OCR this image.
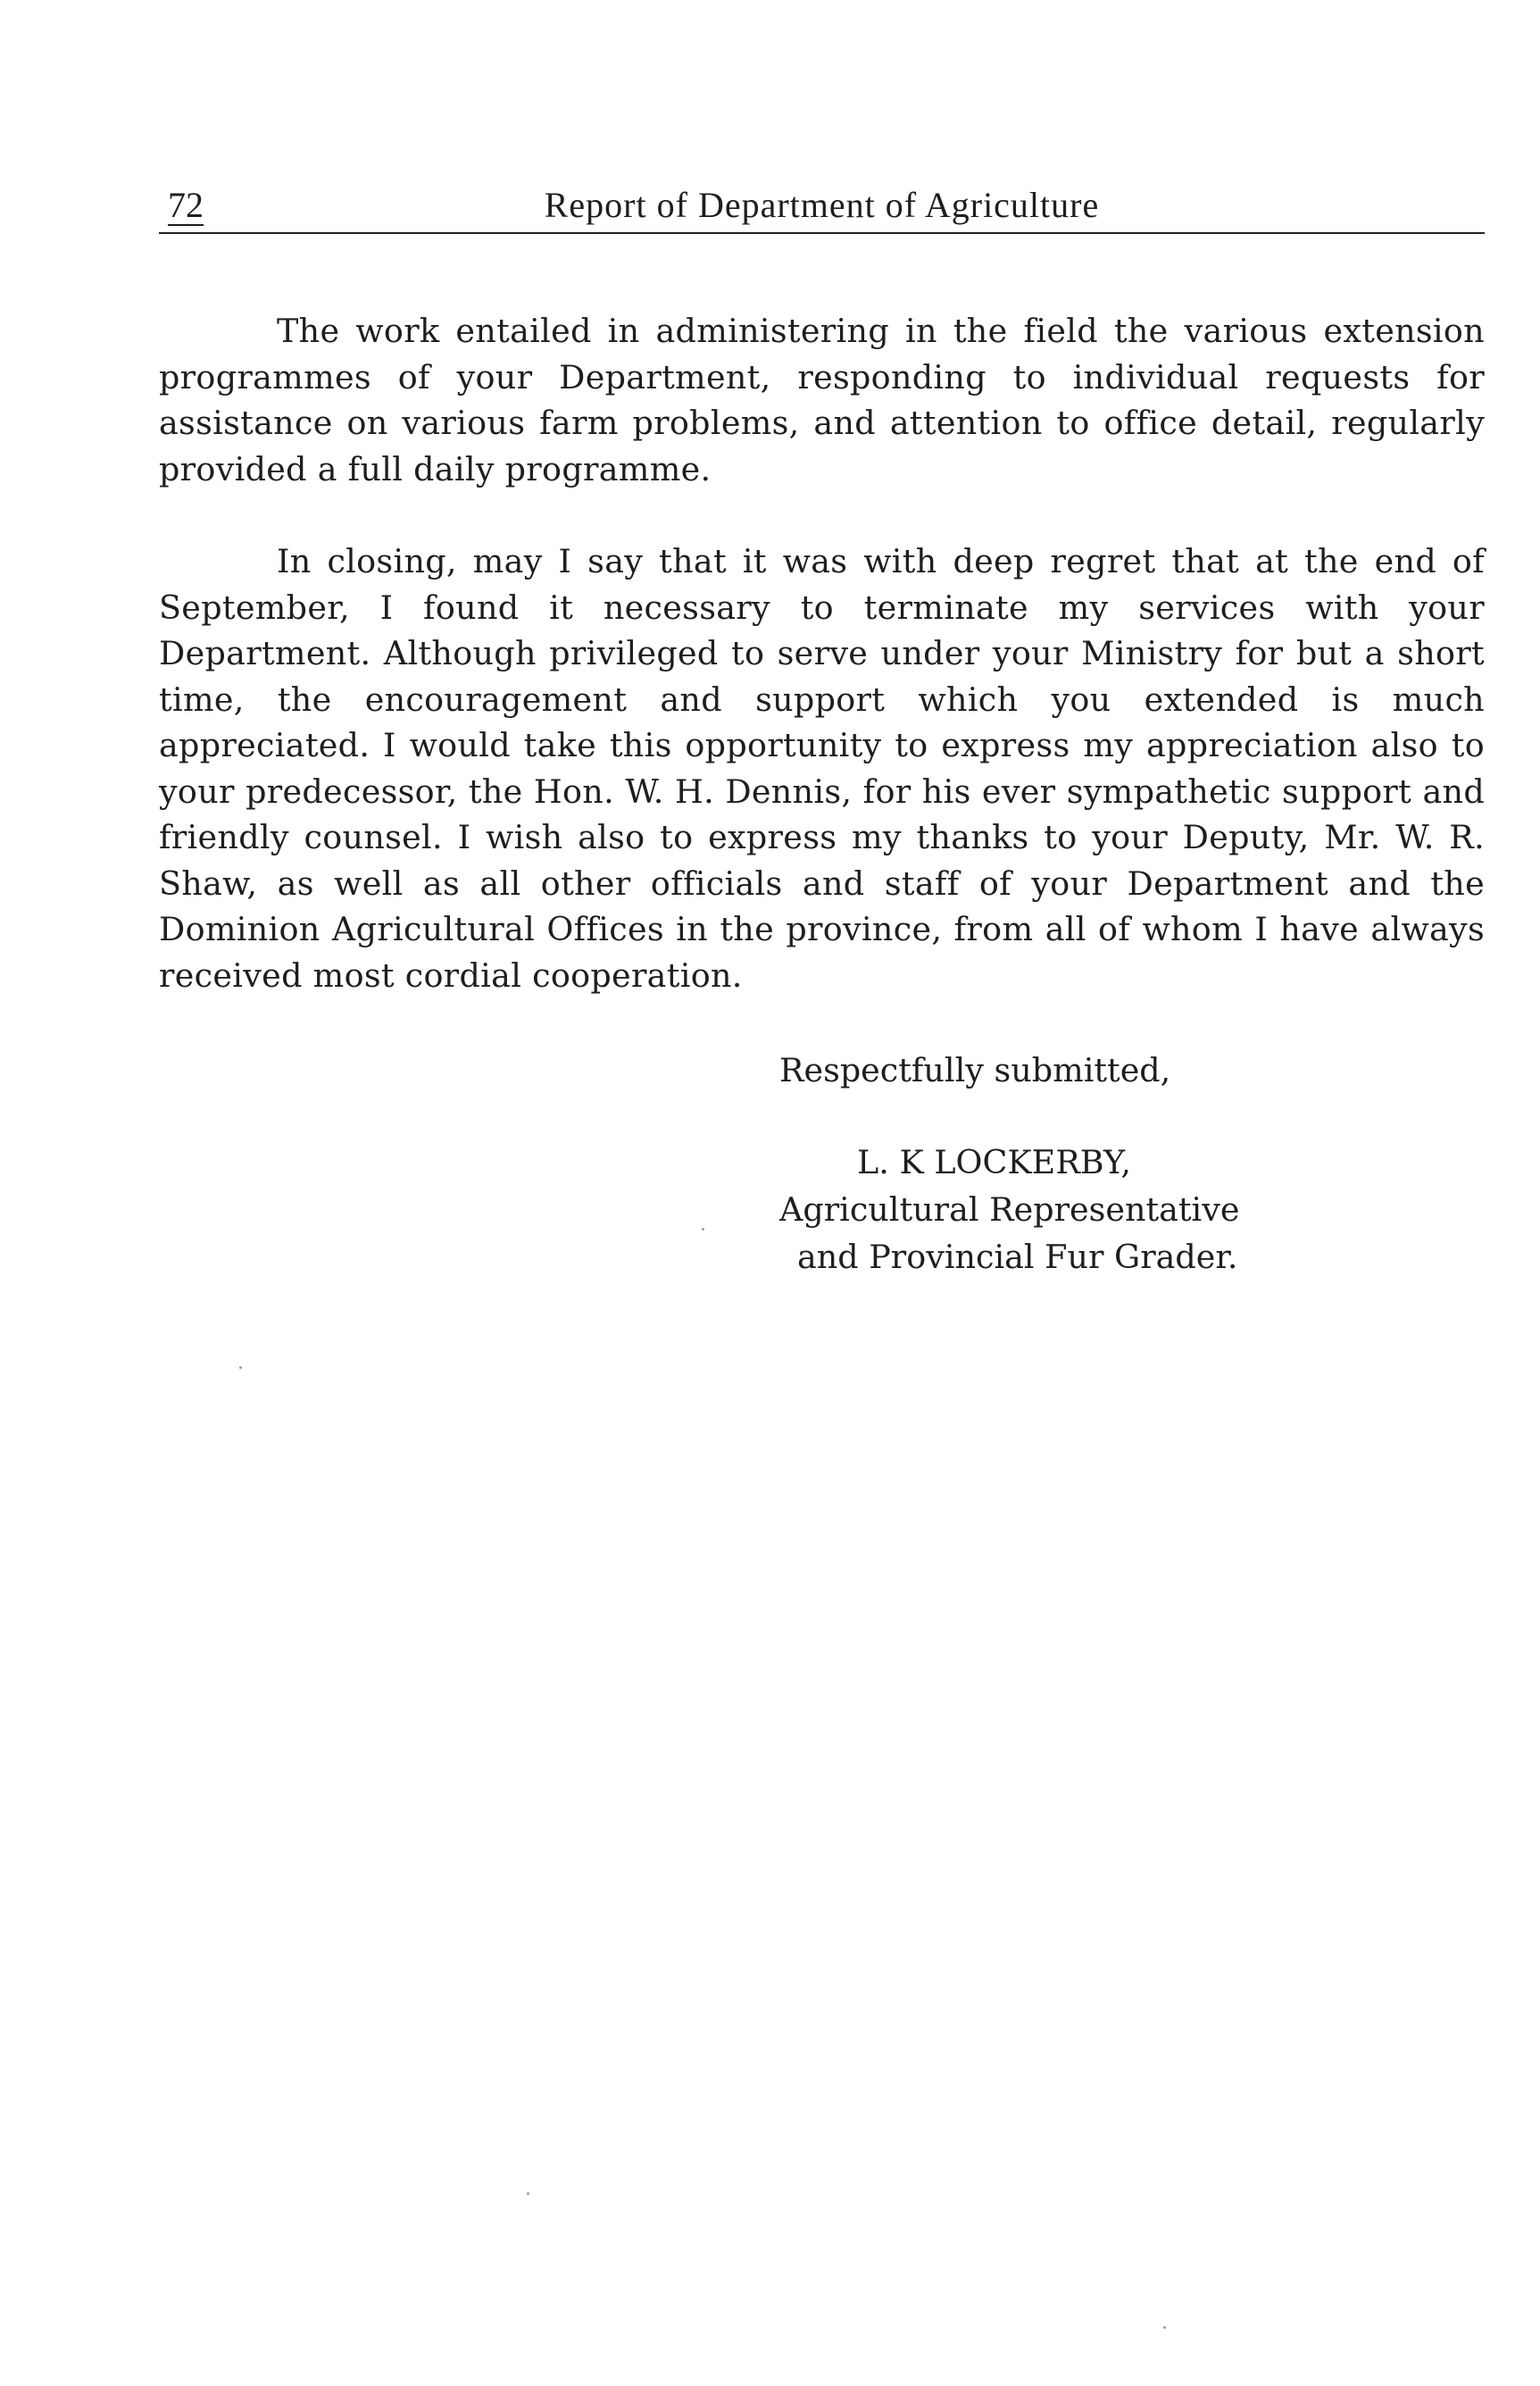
72	Report of Department of Agriculture

The work entailed in administering in the field the various extension programmes of your Department, responding to individual requests for assistance on various farm problems, and attention to office detail, regularly provided a full daily programme.

In closing, may I say that it was with deep regret that at the end of September, I found it necessary to terminate my services with your Department. Although privileged to serve under your Ministry for but a short time, the encouragement and support which you extended is much appreciated. I would take this opportunity to express my appreciation also to your predecessor, the Hon. W. H. Dennis, for his ever sympathetic support and friendly counsel. I wish also to express my thanks to your Deputy, Mr. W. R. Shaw, as well as all other officials and staff of your Department and the Dominion Agricultural Offices in the province, from all of whom I have always received most cordial cooperation.

Respectfully submitted,
L. K LOCKERBY,
Agricultural Representative
and Provincial Fur Grader.
